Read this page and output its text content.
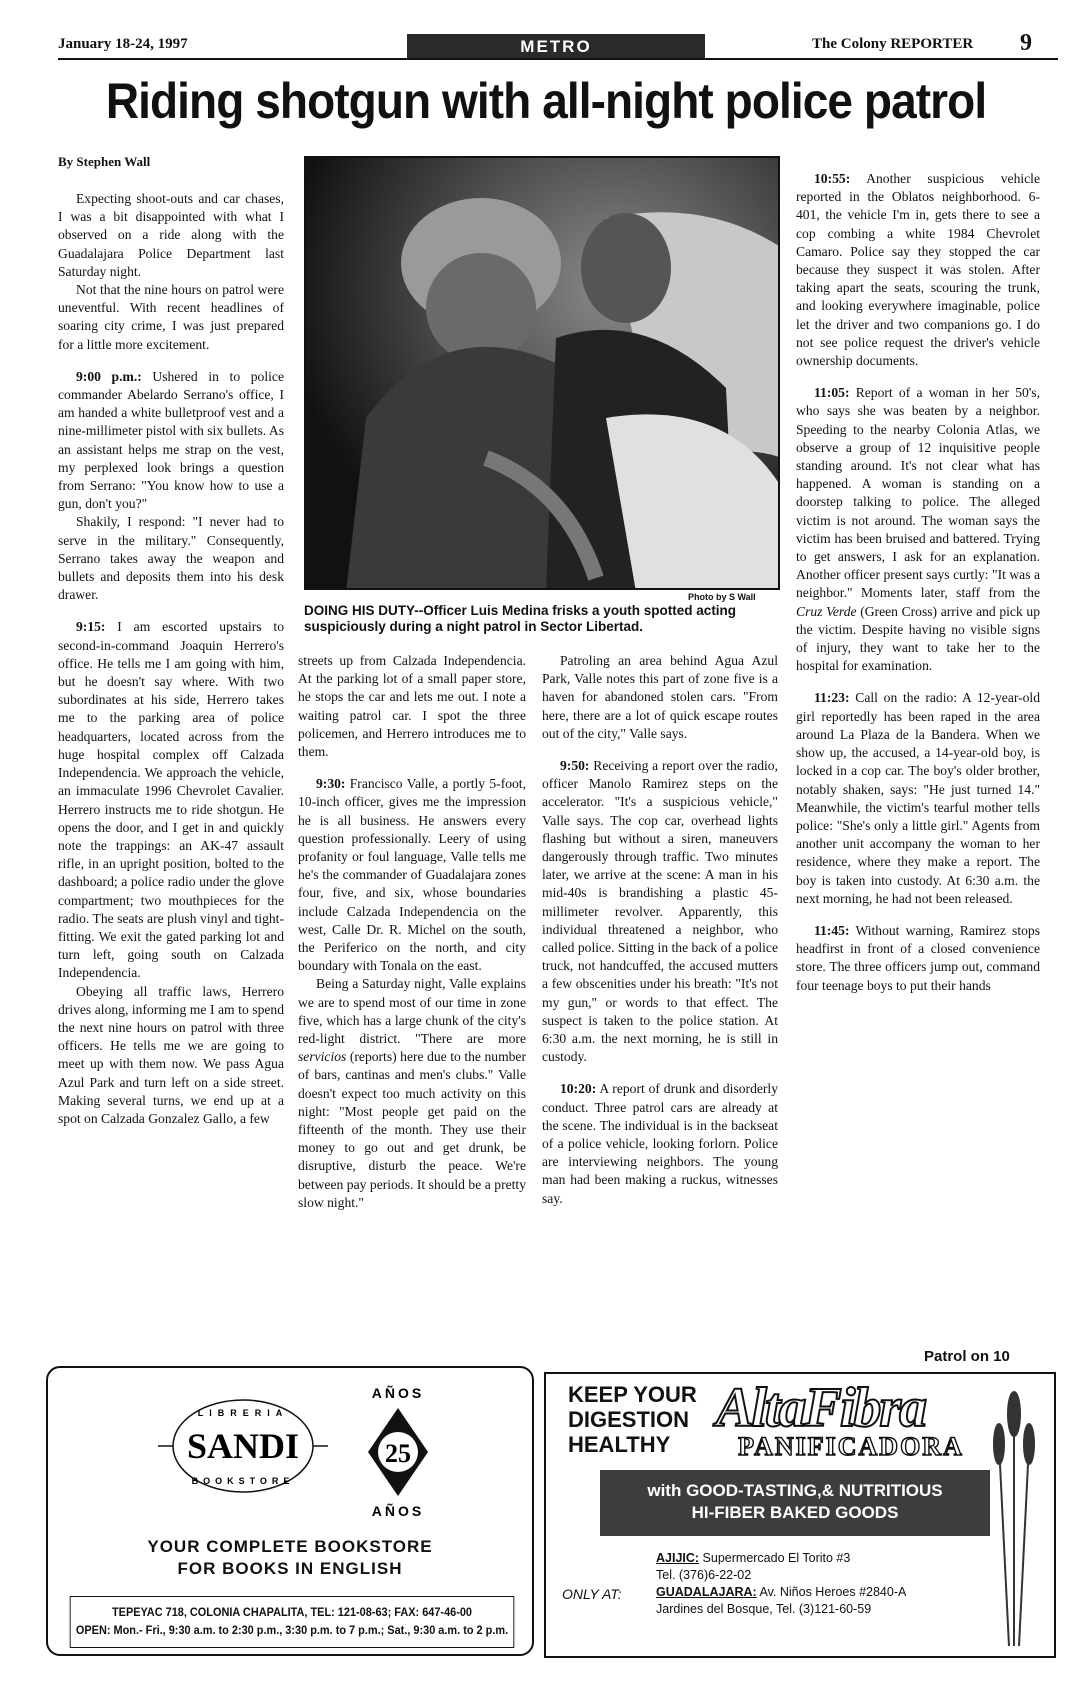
January 18-24, 1997	METRO	The Colony REPORTER 9
Riding shotgun with all-night police patrol
By Stephen Wall
Photo by S Wall
DOING HIS DUTY--Officer Luis Medina frisks a youth spotted acting suspiciously during a night patrol in Sector Libertad.

Expecting shoot-outs and car chases, I was a bit disappointed with what I observed on a ride along with the Guadalajara Police Department last Saturday night.

Not that the nine hours on patrol were uneventful. With recent headlines of soaring city crime, I was just prepared for a little more excitement.

9:00 p.m.: Ushered in to police commander Abelardo Serrano's office, I am handed a white bulletproof vest and a nine-millimeter pistol with six bullets. As an assistant helps me strap on the vest, my perplexed look brings a question from Serrano: "You know how to use a gun, don't you?"

Shakily, I respond: "I never had to serve in the military." Consequently, Serrano takes away the weapon and bullets and deposits them into his desk drawer.

9:15: I am escorted upstairs to second-in-command Joaquin Herrero's office. He tells me I am going with him, but he doesn't say where. With two subordinates at his side, Herrero takes me to the parking area of police headquarters, located across from the huge hospital complex off Calzada Independencia. We approach the vehicle, an immaculate 1996 Chevrolet Cavalier. Herrero instructs me to ride shotgun. He opens the door, and I get in and quickly note the trappings: an AK-47 assault rifle, in an upright position, bolted to the dashboard; a police radio under the glove compartment; two mouthpieces for the radio. The seats are plush vinyl and tight-fitting. We exit the gated parking lot and turn left, going south on Calzada Independencia.

Obeying all traffic laws, Herrero drives along, informing me I am to spend the next nine hours on patrol with three officers. He tells me we are going to meet up with them now. We pass Agua Azul Park and turn left on a side street. Making several turns, we end up at a spot on Calzada Gonzalez Gallo, a few

streets up from Calzada Independencia. At the parking lot of a small paper store, he stops the car and lets me out. I note a waiting patrol car. I spot the three policemen, and Herrero introduces me to them.

9:30: Francisco Valle, a portly 5-foot, 10-inch officer, gives me the impression he is all business. He answers every question professionally. Leery of using profanity or foul language, Valle tells me he's the commander of Guadalajara zones four, five, and six, whose boundaries include Calzada Independencia on the west, Calle Dr. R. Michel on the south, the Periferico on the north, and city boundary with Tonala on the east.

Being a Saturday night, Valle explains we are to spend most of our time in zone five, which has a large chunk of the city's red-light district. "There are more servicios (reports) here due to the number of bars, cantinas and men's clubs." Valle doesn't expect too much activity on this night: "Most people get paid on the fifteenth of the month. They use their money to go out and get drunk, be disruptive, disturb the peace. We're between pay periods. It should be a pretty slow night."

Patroling an area behind Agua Azul Park, Valle notes this part of zone five is a haven for abandoned stolen cars. "From here, there are a lot of quick escape routes out of the city," Valle says.

9:50: Receiving a report over the radio, officer Manolo Ramirez steps on the accelerator. "It's a suspicious vehicle," Valle says. The cop car, overhead lights flashing but without a siren, maneuvers dangerously through traffic. Two minutes later, we arrive at the scene: A man in his mid-40s is brandishing a plastic 45-millimeter revolver. Apparently, this individual threatened a neighbor, who called police. Sitting in the back of a police truck, not handcuffed, the accused mutters a few obscenities under his breath: "It's not my gun," or words to that effect. The suspect is taken to the police station. At 6:30 a.m. the next morning, he is still in custody.

10:20: A report of drunk and disorderly conduct. Three patrol cars are already at the scene. The individual is in the backseat of a police vehicle, looking forlorn. Police are interviewing neighbors. The young man had been making a ruckus, witnesses say.

10:55: Another suspicious vehicle reported in the Oblatos neighborhood. 6-401, the vehicle I'm in, gets there to see a cop combing a white 1984 Chevrolet Camaro. Police say they stopped the car because they suspect it was stolen. After taking apart the seats, scouring the trunk, and looking everywhere imaginable, police let the driver and two companions go. I do not see police request the driver's vehicle ownership documents.

11:05: Report of a woman in her 50's, who says she was beaten by a neighbor. Speeding to the nearby Colonia Atlas, we observe a group of 12 inquisitive people standing around. It's not clear what has happened. A woman is standing on a doorstep talking to police. The alleged victim is not around. The woman says the victim has been bruised and battered. Trying to get answers, I ask for an explanation. Another officer present says curtly: "It was a neighbor." Moments later, staff from the Cruz Verde (Green Cross) arrive and pick up the victim. Despite having no visible signs of injury, they want to take her to the hospital for examination.

11:23: Call on the radio: A 12-year-old girl reportedly has been raped in the area around La Plaza de la Bandera. When we show up, the accused, a 14-year-old boy, is locked in a cop car. The boy's older brother, notably shaken, says: "He just turned 14." Meanwhile, the victim's tearful mother tells police: "She's only a little girl." Agents from another unit accompany the woman to her residence, where they make a report. The boy is taken into custody. At 6:30 a.m. the next morning, he had not been released.

11:45: Without warning, Ramirez stops headfirst in front of a closed convenience store. The three officers jump out, command four teenage boys to put their hands

Patrol on 10
LIBRERIA
SANDI
BOOKSTORE
AÑOS
25
AÑOS
YOUR COMPLETE BOOKSTORE
FOR BOOKS IN ENGLISH
TEPEYAC 718, COLONIA CHAPALITA, TEL: 121-08-63; FAX: 647-46-00
OPEN: Mon.- Fri., 9:30 a.m. to 2:30 p.m., 3:30 p.m. to 7 p.m.; Sat., 9:30 a.m. to 2 p.m.
KEEP YOUR
DIGESTION
HEALTHY
AltaFibra
PANIFICADORA
with GOOD-TASTING,& NUTRITIOUS
HI-FIBER BAKED GOODS
ONLY AT:
AJIJIC: Supermercado El Torito #3
Tel. (376)6-22-02
GUADALAJARA: Av. Niños Heroes #2840-A
Jardines del Bosque, Tel. (3)121-60-59
